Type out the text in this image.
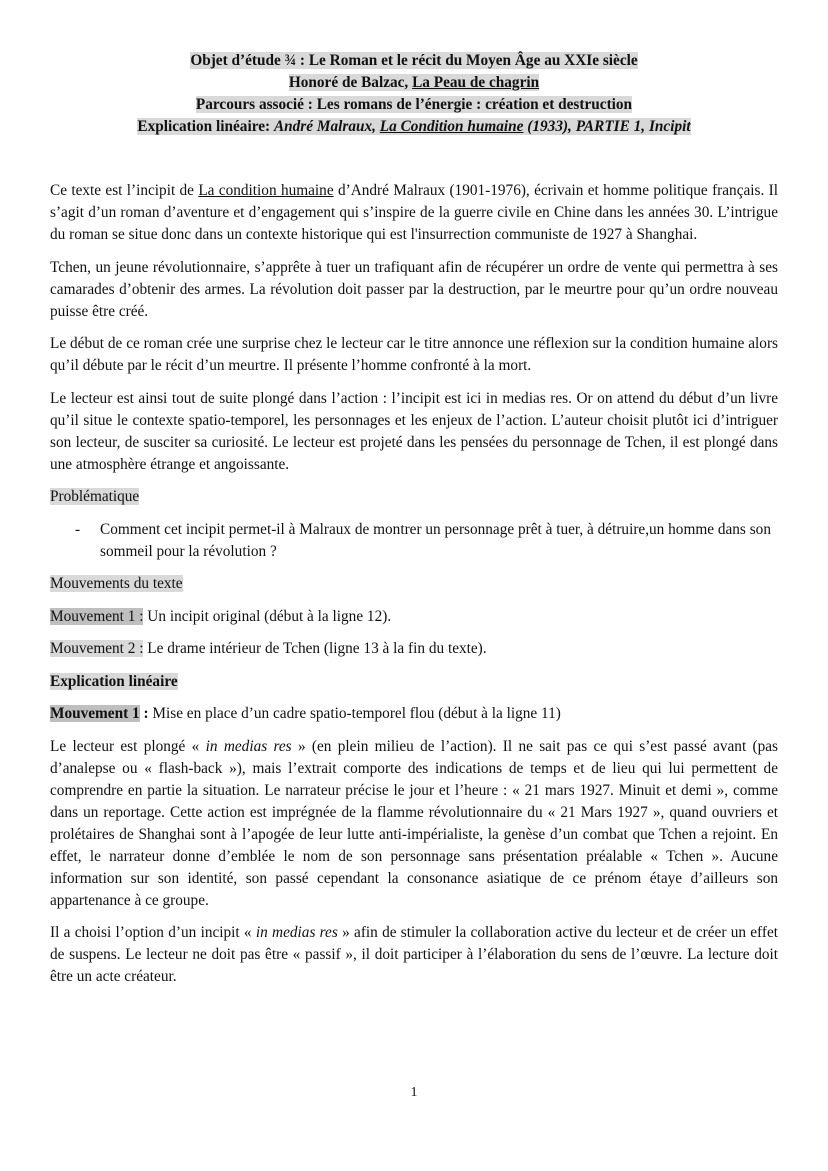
Objet d’étude ¾ : Le Roman et le récit du Moyen Âge au XXIe siècle
Honoré de Balzac, La Peau de chagrin
Parcours associé : Les romans de l’énergie : création et destruction
Explication linéaire: André Malraux, La Condition humaine (1933), PARTIE 1, Incipit

Ce texte est l’incipit de La condition humaine d’André Malraux (1901-1976), écrivain et homme politique français. Il s’agit d’un roman d’aventure et d’engagement qui s’inspire de la guerre civile en Chine dans les années 30. L’intrigue du roman se situe donc dans un contexte historique qui est l'insurrection communiste de 1927 à Shanghai.

Tchen, un jeune révolutionnaire, s’apprête à tuer un trafiquant afin de récupérer un ordre de vente qui permettra à ses camarades d’obtenir des armes. La révolution doit passer par la destruction, par le meurtre pour qu’un ordre nouveau puisse être créé.

Le début de ce roman crée une surprise chez le lecteur car le titre annonce une réflexion sur la condition humaine alors qu’il débute par le récit d’un meurtre. Il présente l’homme confronté à la mort.

Le lecteur est ainsi tout de suite plongé dans l’action : l’incipit est ici in medias res. Or on attend du début d’un livre qu’il situe le contexte spatio-temporel, les personnages et les enjeux de l’action. L’auteur choisit plutôt ici d’intriguer son lecteur, de susciter sa curiosité. Le lecteur est projeté dans les pensées du personnage de Tchen, il est plongé dans une atmosphère étrange et angoissante.

Problématique
-	Comment cet incipit permet-il à Malraux de montrer un personnage prêt à tuer, à détruire,un homme dans son sommeil pour la révolution ?
Mouvements du texte
Mouvement 1 : Un incipit original (début à la ligne 12).
Mouvement 2 : Le drame intérieur de Tchen (ligne 13 à la fin du texte).
Explication linéaire
Mouvement 1 : Mise en place d’un cadre spatio-temporel flou (début à la ligne 11)

Le lecteur est plongé « in medias res » (en plein milieu de l’action). Il ne sait pas ce qui s’est passé avant (pas d’analepse ou « flash-back »), mais l’extrait comporte des indications de temps et de lieu qui lui permettent de comprendre en partie la situation. Le narrateur précise le jour et l’heure : « 21 mars 1927. Minuit et demi », comme dans un reportage. Cette action est imprégnée de la flamme révolutionnaire du « 21 Mars 1927 », quand ouvriers et prolétaires de Shanghai sont à l’apogée de leur lutte anti-impérialiste, la genèse d’un combat que Tchen a rejoint. En effet, le narrateur donne d’emblée le nom de son personnage sans présentation préalable « Tchen ». Aucune information sur son identité, son passé cependant la consonance asiatique de ce prénom étaye d’ailleurs son appartenance à ce groupe.

Il a choisi l’option d’un incipit « in medias res » afin de stimuler la collaboration active du lecteur et de créer un effet de suspens. Le lecteur ne doit pas être « passif », il doit participer à l’élaboration du sens de l’œuvre. La lecture doit être un acte créateur.

1
